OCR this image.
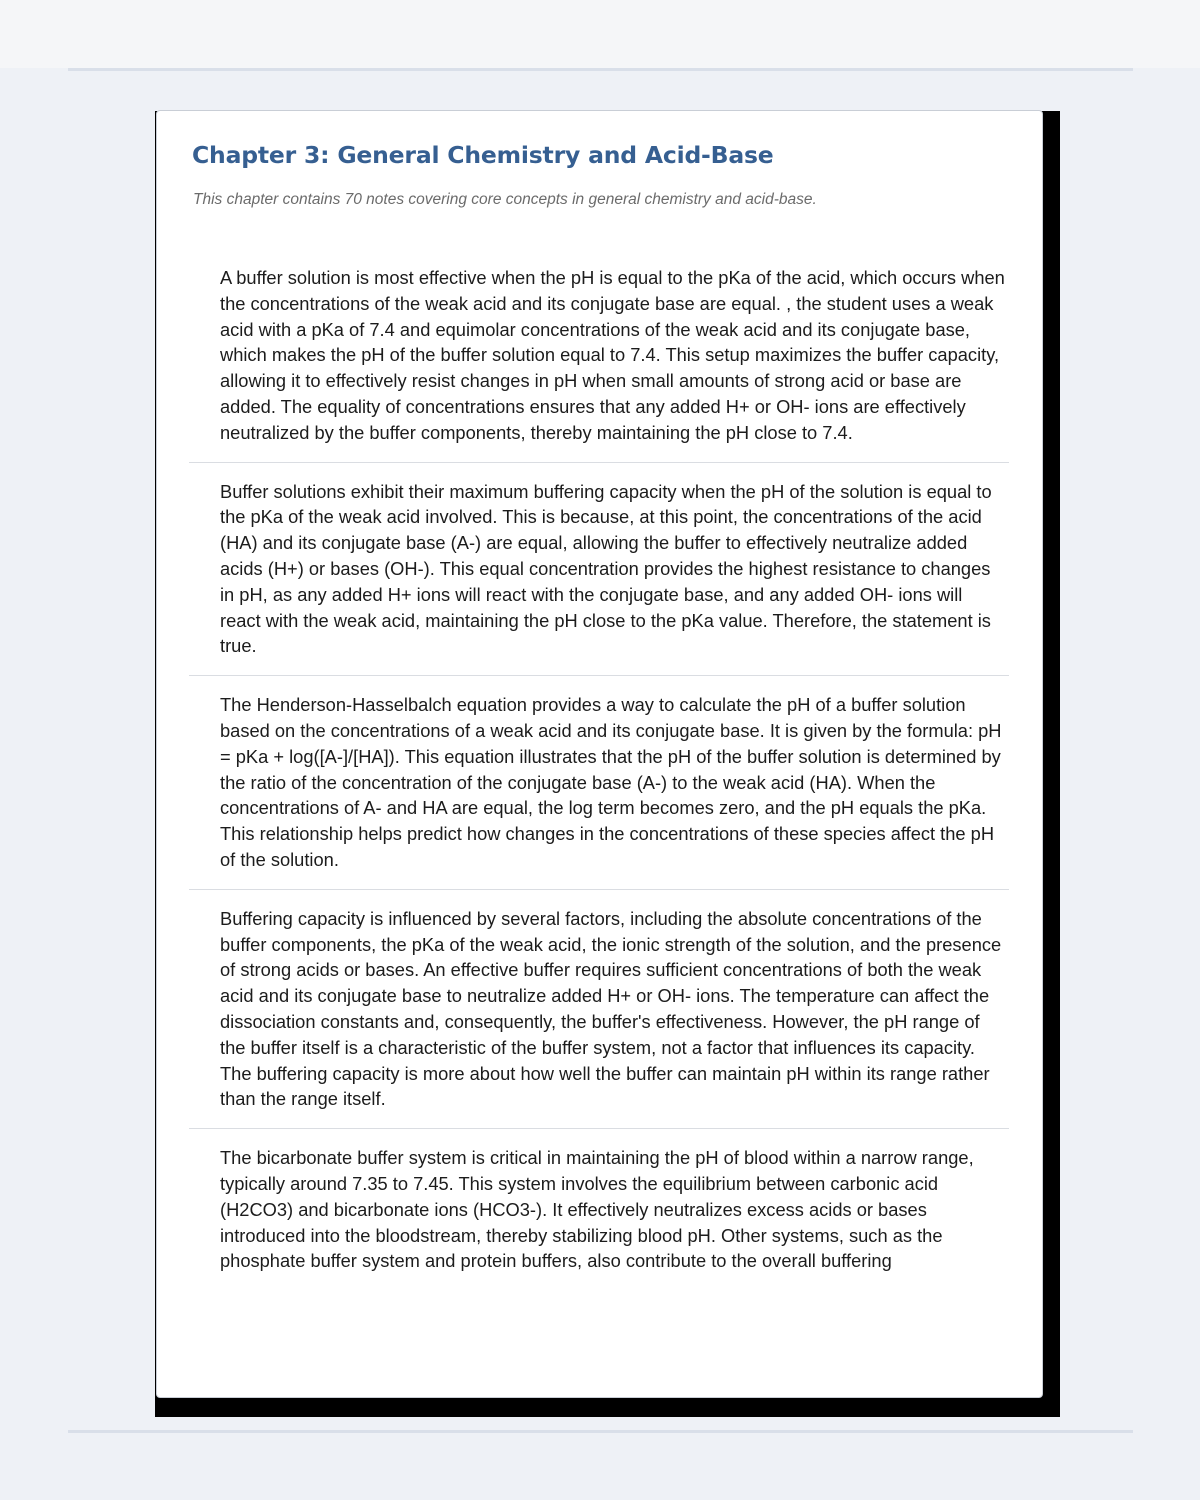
Chapter 3: General Chemistry and Acid-Base

This chapter contains 70 notes covering core concepts in general chemistry and acid-base.

A buffer solution is most effective when the pH is equal to the pKa of the acid, which occurs when the concentrations of the weak acid and its conjugate base are equal. , the student uses a weak acid with a pKa of 7.4 and equimolar concentrations of the weak acid and its conjugate base, which makes the pH of the buffer solution equal to 7.4. This setup maximizes the buffer capacity, allowing it to effectively resist changes in pH when small amounts of strong acid or base are added. The equality of concentrations ensures that any added H+ or OH- ions are effectively neutralized by the buffer components, thereby maintaining the pH close to 7.4.

Buffer solutions exhibit their maximum buffering capacity when the pH of the solution is equal to the pKa of the weak acid involved. This is because, at this point, the concentrations of the acid (HA) and its conjugate base (A-) are equal, allowing the buffer to effectively neutralize added acids (H+) or bases (OH-). This equal concentration provides the highest resistance to changes in pH, as any added H+ ions will react with the conjugate base, and any added OH- ions will react with the weak acid, maintaining the pH close to the pKa value. Therefore, the statement is true.

The Henderson-Hasselbalch equation provides a way to calculate the pH of a buffer solution based on the concentrations of a weak acid and its conjugate base. It is given by the formula: pH = pKa + log([A-]/[HA]). This equation illustrates that the pH of the buffer solution is determined by the ratio of the concentration of the conjugate base (A-) to the weak acid (HA). When the concentrations of A- and HA are equal, the log term becomes zero, and the pH equals the pKa. This relationship helps predict how changes in the concentrations of these species affect the pH of the solution.

Buffering capacity is influenced by several factors, including the absolute concentrations of the buffer components, the pKa of the weak acid, the ionic strength of the solution, and the presence of strong acids or bases. An effective buffer requires sufficient concentrations of both the weak acid and its conjugate base to neutralize added H+ or OH- ions. The temperature can affect the dissociation constants and, consequently, the buffer's effectiveness. However, the pH range of the buffer itself is a characteristic of the buffer system, not a factor that influences its capacity. The buffering capacity is more about how well the buffer can maintain pH within its range rather than the range itself.

The bicarbonate buffer system is critical in maintaining the pH of blood within a narrow range, typically around 7.35 to 7.45. This system involves the equilibrium between carbonic acid (H2CO3) and bicarbonate ions (HCO3-). It effectively neutralizes excess acids or bases introduced into the bloodstream, thereby stabilizing blood pH. Other systems, such as the phosphate buffer system and protein buffers, also contribute to the overall buffering
